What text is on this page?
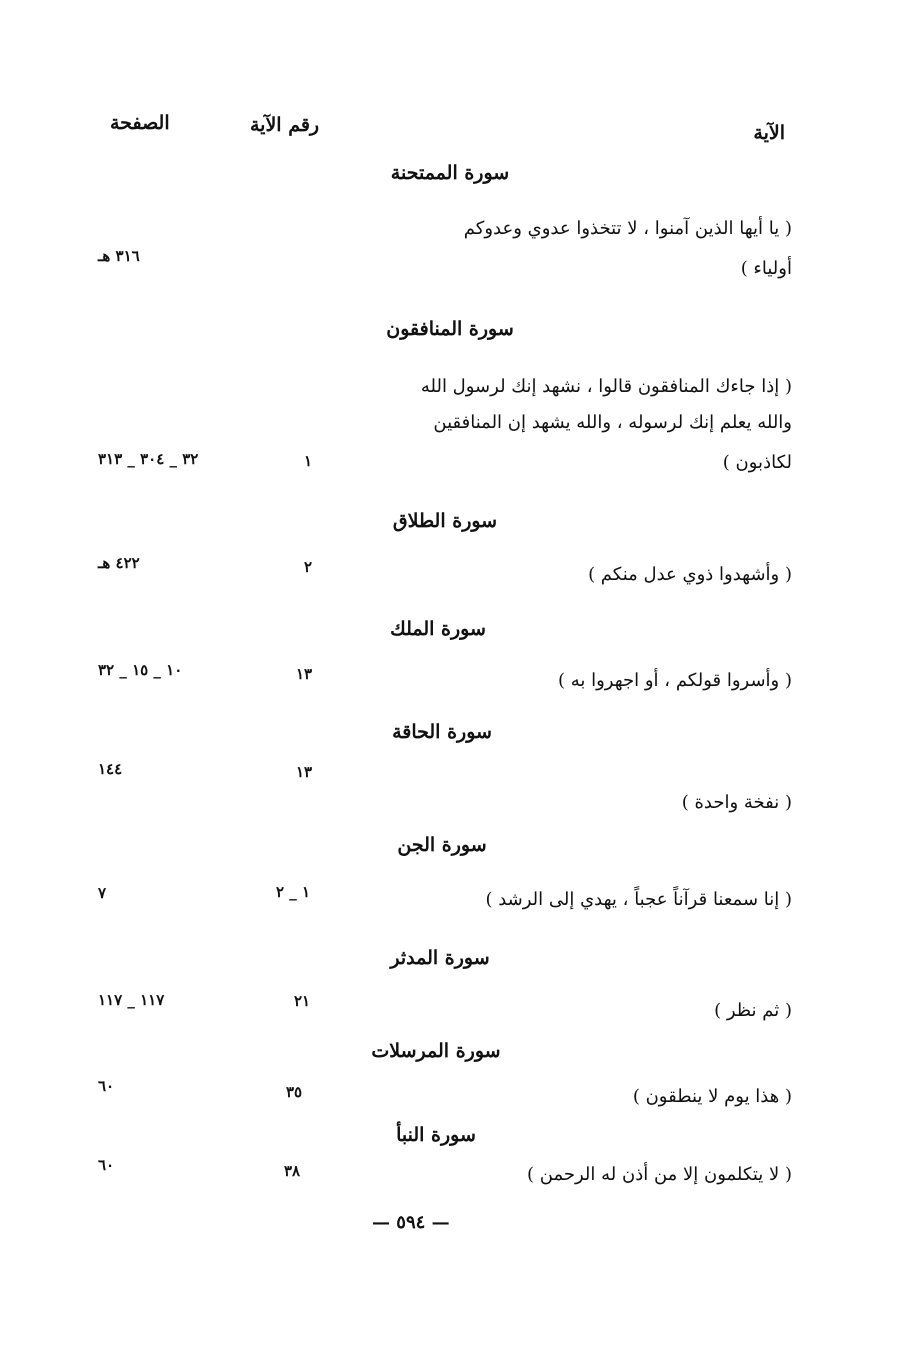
الآية
رقم الآية
الصفحة
سورة الممتحنة
( يا أيها الذين آمنوا ، لا تتخذوا عدوي وعدوكم
أولياء )
٣١٦ هـ
سورة المنافقون
( إذا جاءك المنافقون قالوا ، نشهد إنك لرسول الله
والله يعلم إنك لرسوله ، والله يشهد إن المنافقين
لكاذبون )
١
٣٢ _ ٣٠٤ _ ٣١٣
سورة الطلاق
( وأشهدوا ذوي عدل منكم )
٢
٤٢٢ هـ
سورة الملك
( وأسروا قولكم ، أو اجهروا به )
١٣
١٠ _ ١٥ _ ٣٢
سورة الحاقة
( نفخة واحدة )
١٣
١٤٤
سورة الجن
( إنا سمعنا قرآناً عجباً ، يهدي إلى الرشد )
١ _ ٢
٧
سورة المدثر
( ثم نظر )
٢١
١١٧ _ ١١٧
سورة المرسلات
( هذا يوم لا ينطقون )
٣٥
٦٠
سورة النبأ
( لا يتكلمون إلا من أذن له الرحمن )
٣٨
٦٠
— ٥٩٤ —
